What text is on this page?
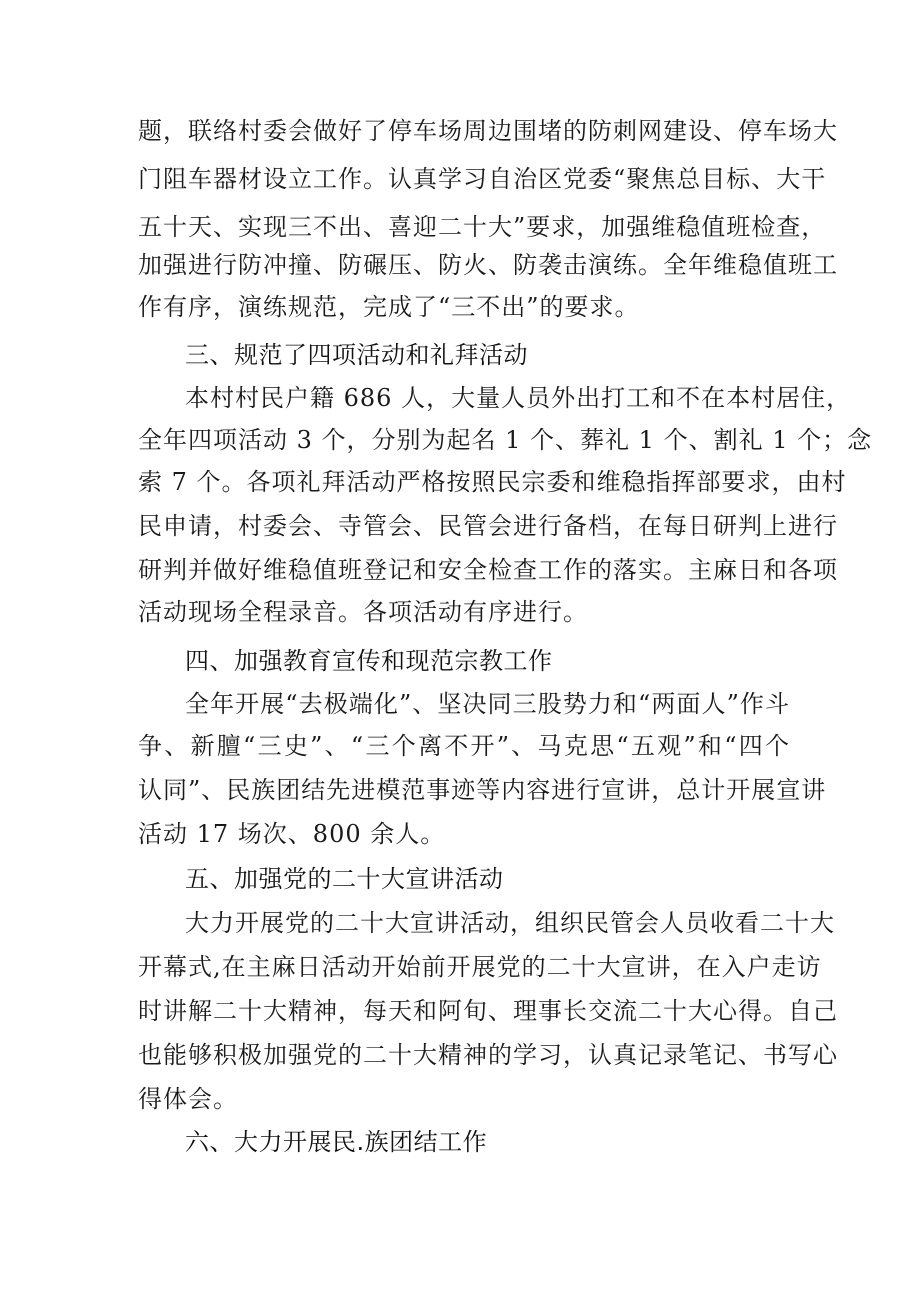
题，联络村委会做好了停车场周边围堵的防刺网建设、停车场大
门阻车器材设立工作。认真学习自治区党委“聚焦总目标、大干
五十天、实现三不出、喜迎二十大”要求，加强维稳值班检查，
加强进行防冲撞、防碾压、防火、防袭击演练。全年维稳值班工
作有序，演练规范，完成了“三不出”的要求。
三、规范了四项活动和礼拜活动
本村村民户籍 686 人，大量人员外出打工和不在本村居住，
全年四项活动 3 个，分别为起名 1 个、葬礼 1 个、割礼 1 个；念
索 7 个。各项礼拜活动严格按照民宗委和维稳指挥部要求，由村
民申请，村委会、寺管会、民管会进行备档，在每日研判上进行
研判并做好维稳值班登记和安全检查工作的落实。主麻日和各项
活动现场全程录音。各项活动有序进行。
四、加强教育宣传和现范宗教工作
全年开展“去极端化”、坚决同三股势力和“两面人”作斗
争、新膻“三史”、“三个离不开”、马克思“五观”和“四个
认同”、民族团结先进模范事迹等内容进行宣讲，总计开展宣讲
活动 17 场次、800 余人。
五、加强党的二十大宣讲活动
大力开展党的二十大宣讲活动，组织民管会人员收看二十大
开幕式,在主麻日活动开始前开展党的二十大宣讲，在入户走访
时讲解二十大精神，每天和阿旬、理事长交流二十大心得。自己
也能够积极加强党的二十大精神的学习，认真记录笔记、书写心
得体会。
六、大力开展民.族团结工作
